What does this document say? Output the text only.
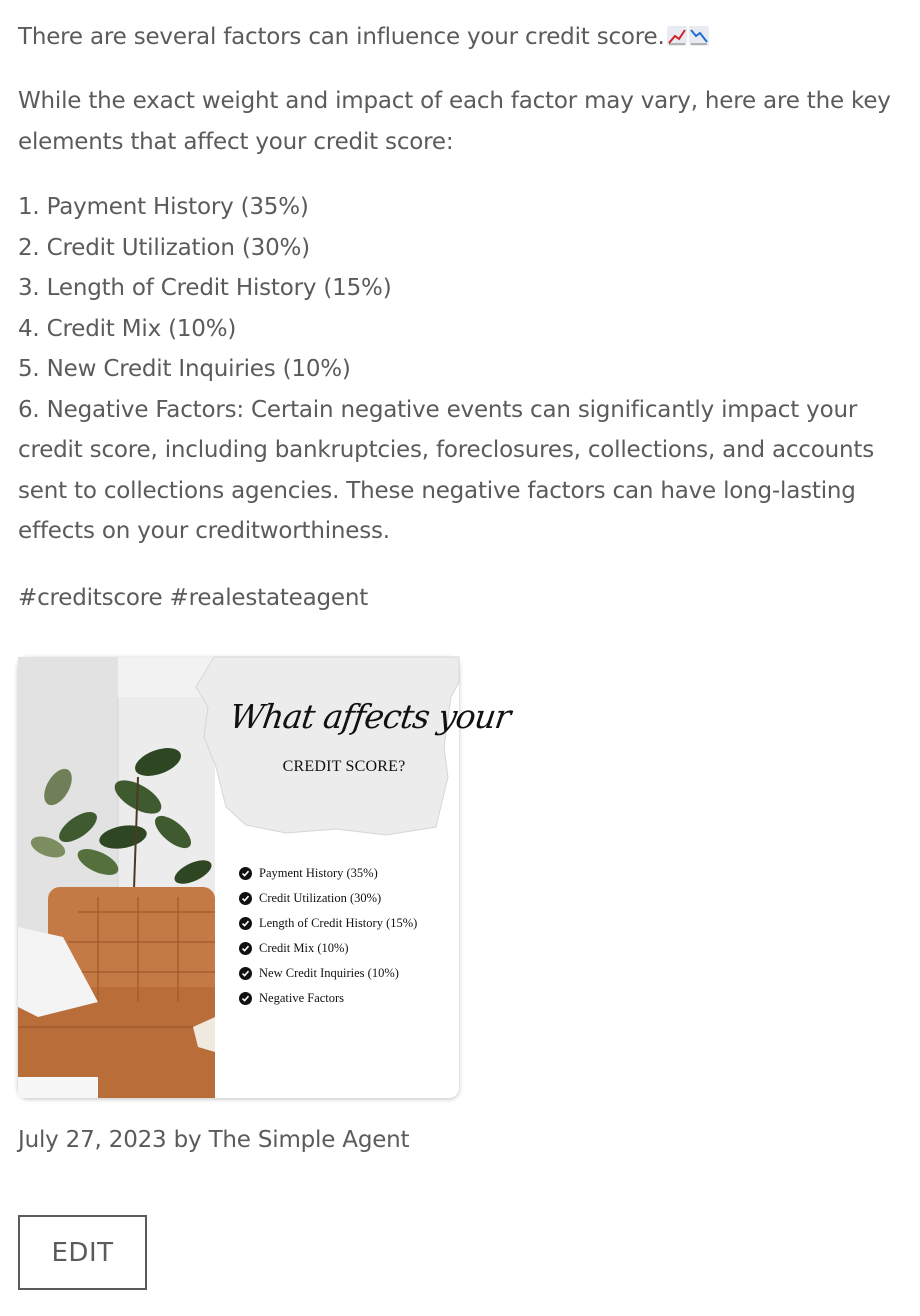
There are several factors can influence your credit score.

While the exact weight and impact of each factor may vary, here are the key elements that affect your credit score:

1. Payment History (35%)
2. Credit Utilization (30%)
3. Length of Credit History (15%)
4. Credit Mix (10%)
5. New Credit Inquiries (10%)
6. Negative Factors: Certain negative events can significantly impact your credit score, including bankruptcies, foreclosures, collections, and accounts sent to collections agencies. These negative factors can have long-lasting effects on your creditworthiness.

#creditscore #realestateagent

What affects your
CREDIT SCORE?
Payment History (35%)
Credit Utilization (30%)
Length of Credit History (15%)
Credit Mix (10%)
New Credit Inquiries (10%)
Negative Factors

July 27, 2023 by The Simple Agent

EDIT
